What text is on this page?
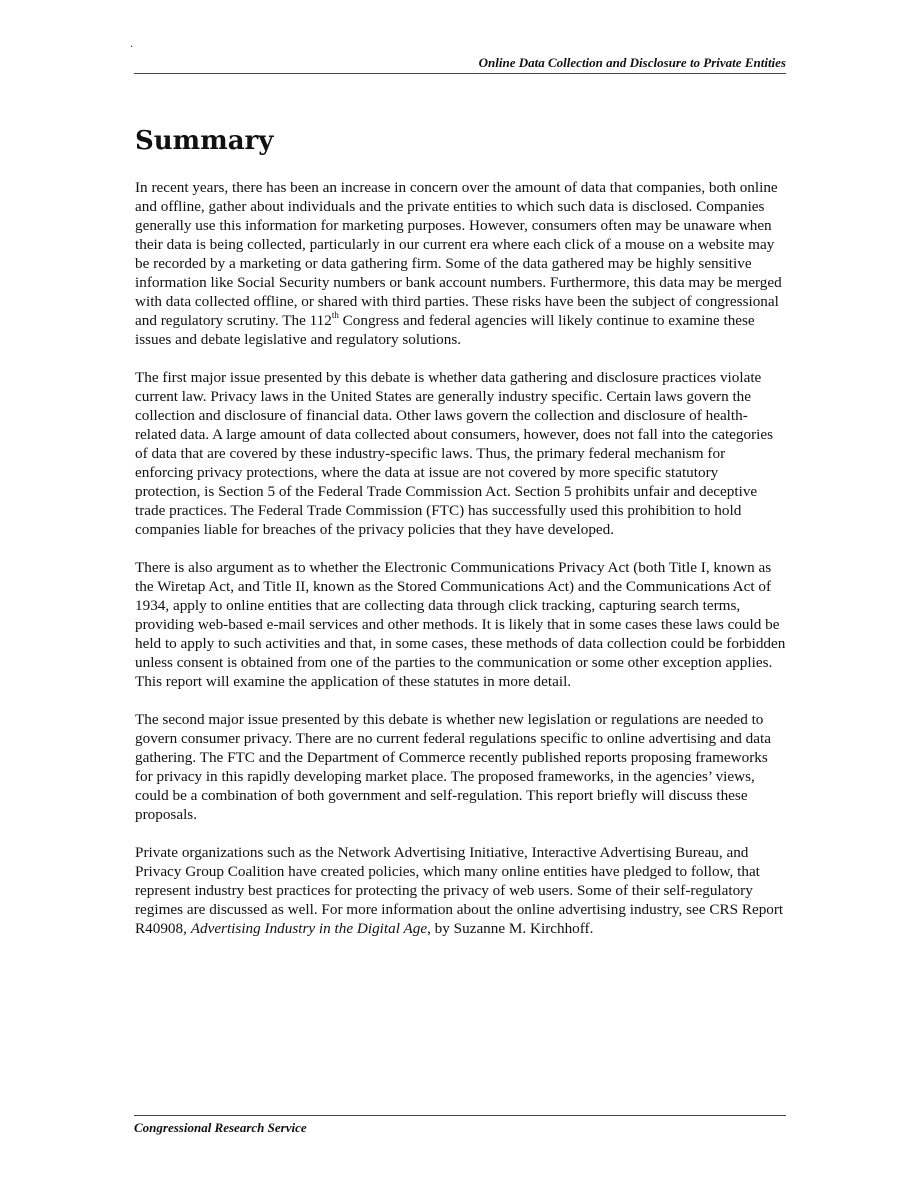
.
Online Data Collection and Disclosure to Private Entities
Summary

In recent years, there has been an increase in concern over the amount of data that companies, both online and offline, gather about individuals and the private entities to which such data is disclosed. Companies generally use this information for marketing purposes. However, consumers often may be unaware when their data is being collected, particularly in our current era where each click of a mouse on a website may be recorded by a marketing or data gathering firm. Some of the data gathered may be highly sensitive information like Social Security numbers or bank account numbers. Furthermore, this data may be merged with data collected offline, or shared with third parties. These risks have been the subject of congressional and regulatory scrutiny. The 112th Congress and federal agencies will likely continue to examine these issues and debate legislative and regulatory solutions.

The first major issue presented by this debate is whether data gathering and disclosure practices violate current law. Privacy laws in the United States are generally industry specific. Certain laws govern the collection and disclosure of financial data. Other laws govern the collection and disclosure of health-related data. A large amount of data collected about consumers, however, does not fall into the categories of data that are covered by these industry-specific laws. Thus, the primary federal mechanism for enforcing privacy protections, where the data at issue are not covered by more specific statutory protection, is Section 5 of the Federal Trade Commission Act. Section 5 prohibits unfair and deceptive trade practices. The Federal Trade Commission (FTC) has successfully used this prohibition to hold companies liable for breaches of the privacy policies that they have developed.

There is also argument as to whether the Electronic Communications Privacy Act (both Title I, known as the Wiretap Act, and Title II, known as the Stored Communications Act) and the Communications Act of 1934, apply to online entities that are collecting data through click tracking, capturing search terms, providing web-based e-mail services and other methods. It is likely that in some cases these laws could be held to apply to such activities and that, in some cases, these methods of data collection could be forbidden unless consent is obtained from one of the parties to the communication or some other exception applies. This report will examine the application of these statutes in more detail.

The second major issue presented by this debate is whether new legislation or regulations are needed to govern consumer privacy. There are no current federal regulations specific to online advertising and data gathering. The FTC and the Department of Commerce recently published reports proposing frameworks for privacy in this rapidly developing market place. The proposed frameworks, in the agencies’ views, could be a combination of both government and self-regulation. This report briefly will discuss these proposals.

Private organizations such as the Network Advertising Initiative, Interactive Advertising Bureau, and Privacy Group Coalition have created policies, which many online entities have pledged to follow, that represent industry best practices for protecting the privacy of web users. Some of their self-regulatory regimes are discussed as well. For more information about the online advertising industry, see CRS Report R40908, Advertising Industry in the Digital Age, by Suzanne M. Kirchhoff.

Congressional Research Service
